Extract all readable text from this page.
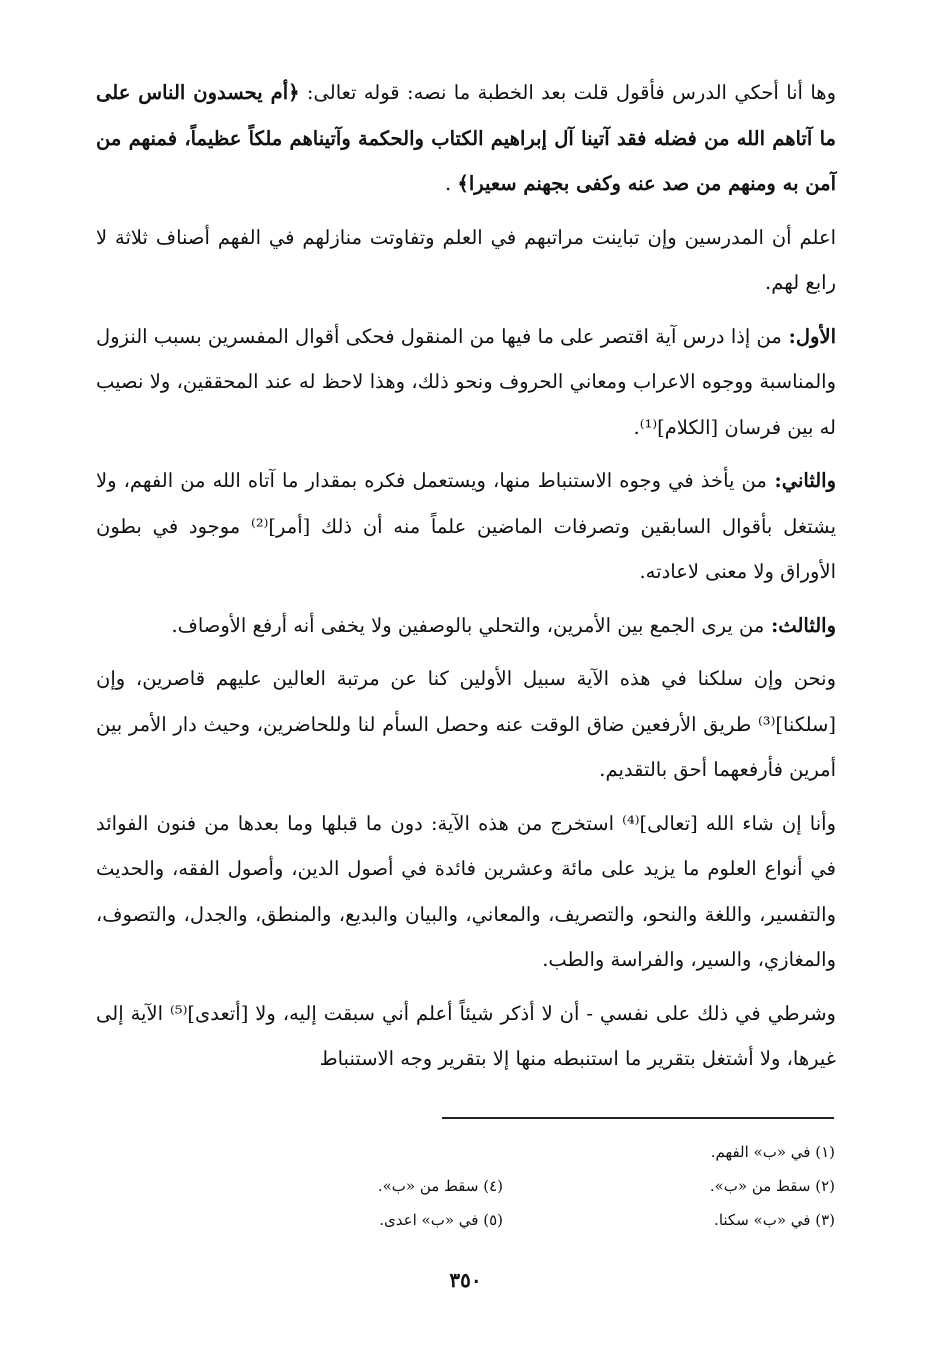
وها أنا أحكي الدرس فأقول قلت بعد الخطبة ما نصه: قوله تعالى: ﴿أم يحسدون الناس على ما آتاهم الله من فضله فقد آتينا آل إبراهيم الكتاب والحكمة وآتيناهم ملكاً عظيماً، فمنهم من آمن به ومنهم من صد عنه وكفى بجهنم سعيرا﴾ .

اعلم أن المدرسين وإن تباينت مراتبهم في العلم وتفاوتت منازلهم في الفهم أصناف ثلاثة لا رابع لهم.

الأول: من إذا درس آية اقتصر على ما فيها من المنقول فحكى أقوال المفسرين بسبب النزول والمناسبة ووجوه الاعراب ومعاني الحروف ونحو ذلك، وهذا لاحظ له عند المحققين، ولا نصيب له بين فرسان [الكلام]⁽¹⁾.

والثاني: من يأخذ في وجوه الاستنباط منها، ويستعمل فكره بمقدار ما آتاه الله من الفهم، ولا يشتغل بأقوال السابقين وتصرفات الماضين علماً منه أن ذلك [أمر]⁽²⁾ موجود في بطون الأوراق ولا معنى لاعادته.

والثالث: من يرى الجمع بين الأمرين، والتحلي بالوصفين ولا يخفى أنه أرفع الأوصاف.

ونحن وإن سلكنا في هذه الآية سبيل الأولين كنا عن مرتبة العالين عليهم قاصرين، وإن [سلكنا]⁽³⁾ طريق الأرفعين ضاق الوقت عنه وحصل السأم لنا وللحاضرين، وحيث دار الأمر بين أمرين فأرفعهما أحق بالتقديم.

وأنا إن شاء الله [تعالى]⁽⁴⁾ استخرج من هذه الآية: دون ما قبلها وما بعدها من فنون الفوائد في أنواع العلوم ما يزيد على مائة وعشرين فائدة في أصول الدين، وأصول الفقه، والحديث والتفسير، واللغة والنحو، والتصريف، والمعاني، والبيان والبديع، والمنطق، والجدل، والتصوف، والمغازي، والسير، والفراسة والطب.

وشرطي في ذلك على نفسي - أن لا أذكر شيئاً أعلم أني سبقت إليه، ولا [أتعدى]⁽⁵⁾ الآية إلى غيرها، ولا أشتغل بتقرير ما استنبطه منها إلا بتقرير وجه الاستنباط

(١) في «ب» الفهم.
(٢) سقط من «ب».
(٣) في «ب» سكنا.
(٤) سقط من «ب».
(٥) في «ب» اعدى.
٣٥٠
